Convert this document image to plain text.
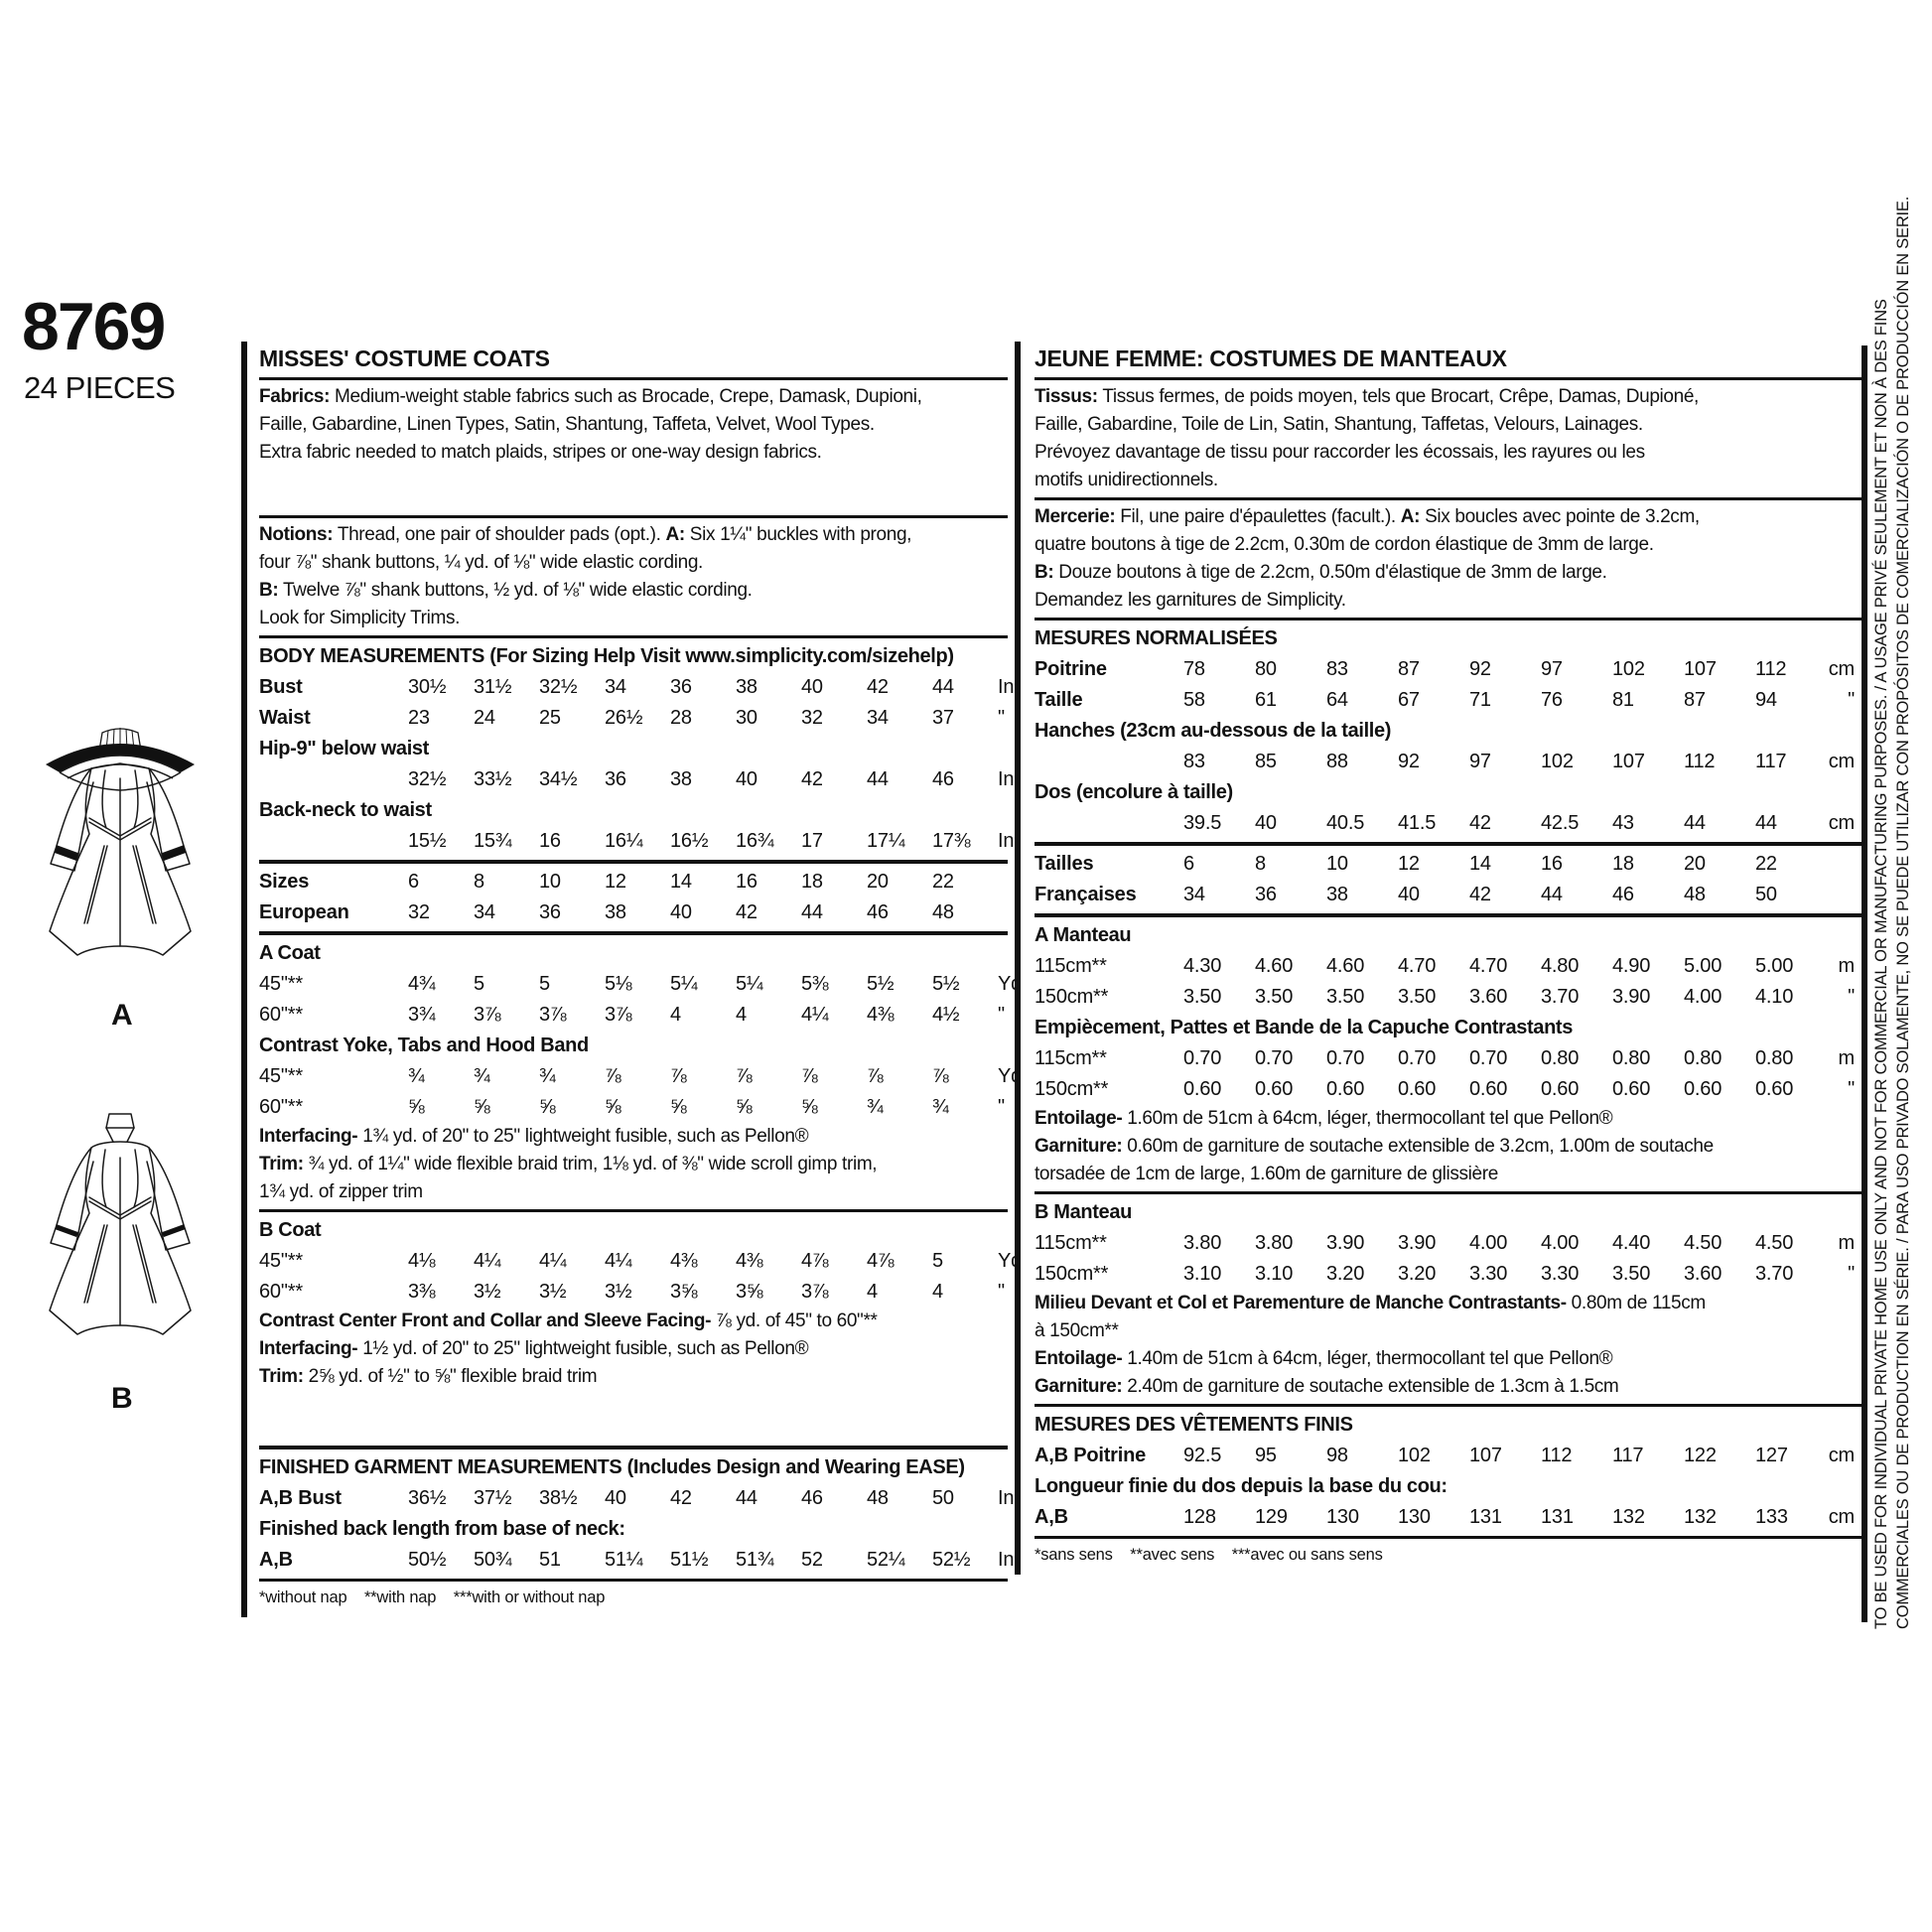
8769
24 PIECES
A
B
MISSES' COSTUME COATS
Fabrics: Medium-weight stable fabrics such as Brocade, Crepe, Damask, Dupioni,
Faille, Gabardine, Linen Types, Satin, Shantung, Taffeta, Velvet, Wool Types.
Extra fabric needed to match plaids, stripes or one-way design fabrics.
Notions: Thread, one pair of shoulder pads (opt.). A: Six 1¼" buckles with prong,
four ⅞" shank buttons, ¼ yd. of ⅛" wide elastic cording.
B: Twelve ⅞" shank buttons, ½ yd. of ⅛" wide elastic cording.
Look for Simplicity Trims.
BODY MEASUREMENTS (For Sizing Help Visit www.simplicity.com/sizehelp)
Bust	30½	31½	32½	34	36	38	40	42	44	In
Waist	23	24	25	26½	28	30	32	34	37	"
Hip-9" below waist
32½	33½	34½	36	38	40	42	44	46	In
Back-neck to waist
15½	15¾	16	16¼	16½	16¾	17	17¼	17⅜	In
Sizes	6	8	10	12	14	16	18	20	22
European	32	34	36	38	40	42	44	46	48
A Coat
45"**	4¾	5	5	5⅛	5¼	5¼	5⅜	5½	5½	Yd
60"**	3¾	3⅞	3⅞	3⅞	4	4	4¼	4⅜	4½	"
Contrast Yoke, Tabs and Hood Band
45"**	¾	¾	¾	⅞	⅞	⅞	⅞	⅞	⅞	Yd
60"**	⅝	⅝	⅝	⅝	⅝	⅝	⅝	¾	¾	"
Interfacing- 1¾ yd. of 20" to 25" lightweight fusible, such as Pellon®
Trim: ¾ yd. of 1¼" wide flexible braid trim, 1⅛ yd. of ⅜" wide scroll gimp trim,
1¾ yd. of zipper trim
B Coat
45"**	4⅛	4¼	4¼	4¼	4⅜	4⅜	4⅞	4⅞	5	Yd
60"**	3⅜	3½	3½	3½	3⅝	3⅝	3⅞	4	4	"
Contrast Center Front and Collar and Sleeve Facing- ⅞ yd. of 45" to 60"**
Interfacing- 1½ yd. of 20" to 25" lightweight fusible, such as Pellon®
Trim: 2⅝ yd. of ½" to ⅝" flexible braid trim
FINISHED GARMENT MEASUREMENTS (Includes Design and Wearing EASE)
A,B Bust	36½	37½	38½	40	42	44	46	48	50	In
Finished back length from base of neck:
A,B	50½	50¾	51	51¼	51½	51¾	52	52¼	52½	In
*without nap    **with nap    ***with or without nap
JEUNE FEMME: COSTUMES DE MANTEAUX
Tissus: Tissus fermes, de poids moyen, tels que Brocart, Crêpe, Damas, Dupioné,
Faille, Gabardine, Toile de Lin, Satin, Shantung, Taffetas, Velours, Lainages.
Prévoyez davantage de tissu pour raccorder les écossais, les rayures ou les
motifs unidirectionnels.
Mercerie: Fil, une paire d'épaulettes (facult.). A: Six boucles avec pointe de 3.2cm,
quatre boutons à tige de 2.2cm, 0.30m de cordon élastique de 3mm de large.
B: Douze boutons à tige de 2.2cm, 0.50m d'élastique de 3mm de large.
Demandez les garnitures de Simplicity.
MESURES NORMALISÉES
Poitrine	78	80	83	87	92	97	102	107	112	cm
Taille	58	61	64	67	71	76	81	87	94	"
Hanches (23cm au-dessous de la taille)
83	85	88	92	97	102	107	112	117	cm
Dos (encolure à taille)
39.5	40	40.5	41.5	42	42.5	43	44	44	cm
Tailles	6	8	10	12	14	16	18	20	22
Françaises	34	36	38	40	42	44	46	48	50
A Manteau
115cm**	4.30	4.60	4.60	4.70	4.70	4.80	4.90	5.00	5.00	m
150cm**	3.50	3.50	3.50	3.50	3.60	3.70	3.90	4.00	4.10	"
Empiècement, Pattes et Bande de la Capuche Contrastants
115cm**	0.70	0.70	0.70	0.70	0.70	0.80	0.80	0.80	0.80	m
150cm**	0.60	0.60	0.60	0.60	0.60	0.60	0.60	0.60	0.60	"
Entoilage- 1.60m de 51cm à 64cm, léger, thermocollant tel que Pellon®
Garniture: 0.60m de garniture de soutache extensible de 3.2cm, 1.00m de soutache
torsadée de 1cm de large, 1.60m de garniture de glissière
B Manteau
115cm**	3.80	3.80	3.90	3.90	4.00	4.00	4.40	4.50	4.50	m
150cm**	3.10	3.10	3.20	3.20	3.30	3.30	3.50	3.60	3.70	"
Milieu Devant et Col et Parementure de Manche Contrastants- 0.80m de 115cm
à 150cm**
Entoilage- 1.40m de 51cm à 64cm, léger, thermocollant tel que Pellon®
Garniture: 2.40m de garniture de soutache extensible de 1.3cm à 1.5cm
MESURES DES VÊTEMENTS FINIS
A,B Poitrine	92.5	95	98	102	107	112	117	122	127	cm
Longueur finie du dos depuis la base du cou:
A,B	128	129	130	130	131	131	132	132	133	cm
*sans sens    **avec sens    ***avec ou sans sens	TO BE USED FOR INDIVIDUAL PRIVATE HOME USE ONLY AND NOT FOR COMMERCIAL OR MANUFACTURING PURPOSES. / A USAGE PRIVÉ SEULEMENT ET NON À DES FINS COMMERCIALES OU DE PRODUCTION EN SÉRIE. / PARA USO PRIVADO SOLAMENTE, NO SE PUEDE UTILIZAR CON PROPÓSITOS DE COMERCIALIZACIÓN O DE PRODUCCIÓN EN SERIE.
